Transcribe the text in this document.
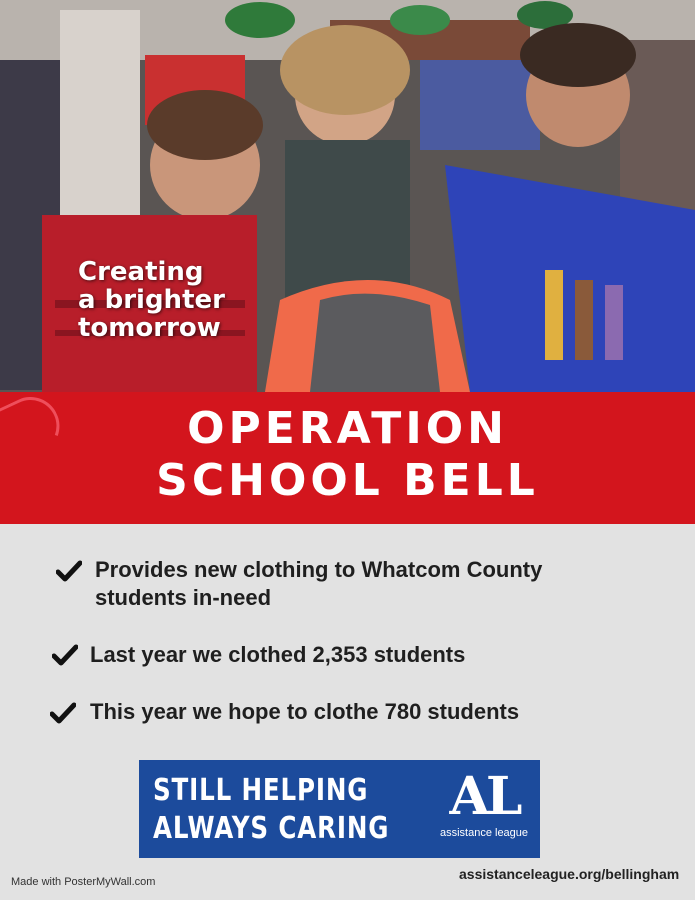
Creating
a brighter
tomorrow
OPERATION
SCHOOL BELL
Provides new clothing to Whatcom County students in-need
Last year we clothed 2,353 students
This year we hope to clothe 780 students
STILL HELPING
ALWAYS CARING
AL
assistance league
Made with PosterMyWall.com	assistanceleague.org/bellingham
